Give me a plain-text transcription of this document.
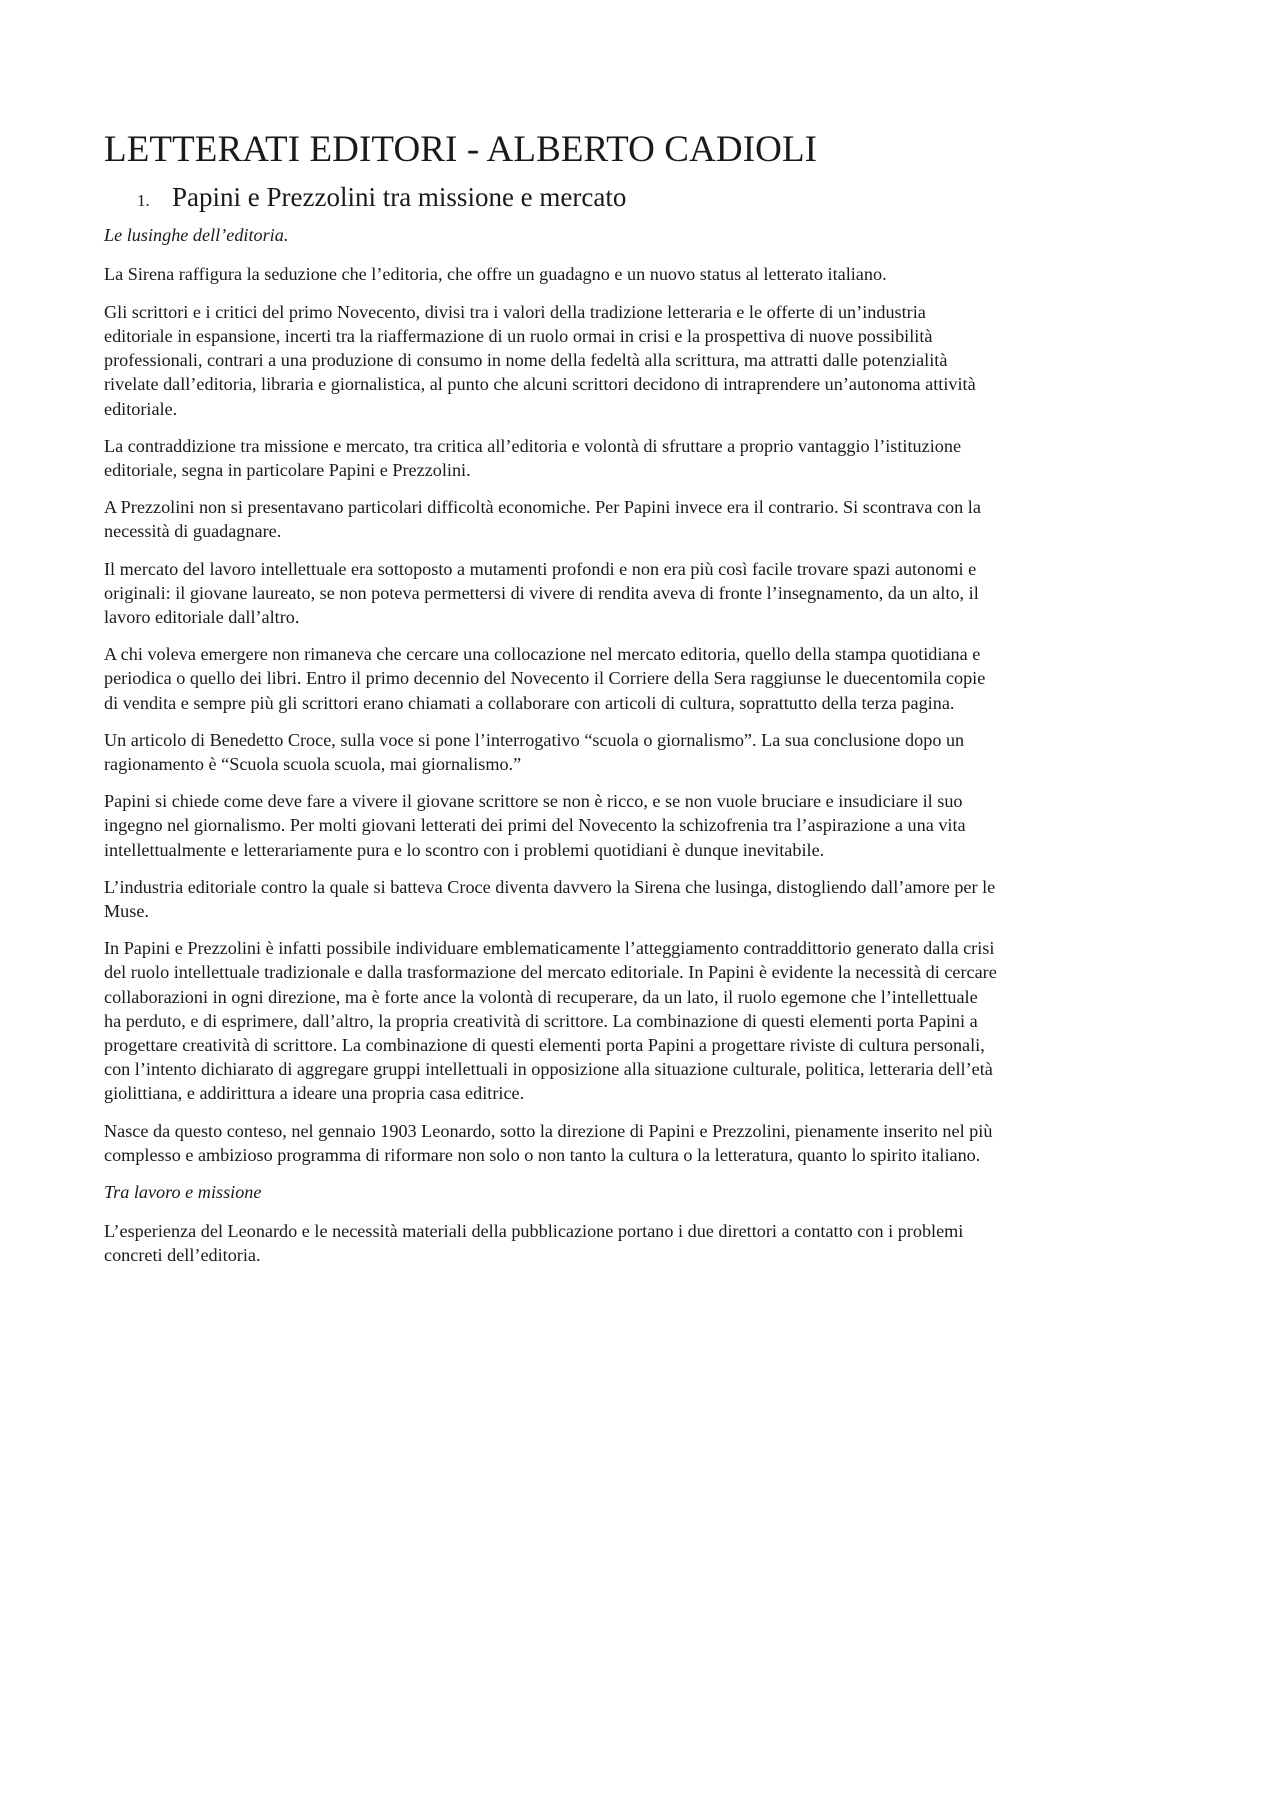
LETTERATI EDITORI - ALBERTO CADIOLI
1. Papini e Prezzolini tra missione e mercato

Le lusinghe dell’editoria.

La Sirena raffigura la seduzione che l’editoria, che offre un guadagno e un nuovo status al letterato italiano.

Gli scrittori e i critici del primo Novecento, divisi tra i valori della tradizione letteraria e le offerte di un’industria editoriale in espansione, incerti tra la riaffermazione di un ruolo ormai in crisi e la prospettiva di nuove possibilità professionali, contrari a una produzione di consumo in nome della fedeltà alla scrittura, ma attratti dalle potenzialità rivelate dall’editoria, libraria e giornalistica, al punto che alcuni scrittori decidono di intraprendere un’autonoma attività editoriale.

La contraddizione tra missione e mercato, tra critica all’editoria e volontà di sfruttare a proprio vantaggio l’istituzione editoriale, segna in particolare Papini e Prezzolini.

A Prezzolini non si presentavano particolari difficoltà economiche. Per Papini invece era il contrario. Si scontrava con la necessità di guadagnare.

Il mercato del lavoro intellettuale era sottoposto a mutamenti profondi e non era più così facile trovare spazi autonomi e originali: il giovane laureato, se non poteva permettersi di vivere di rendita aveva di fronte l’insegnamento, da un alto, il lavoro editoriale dall’altro.

A chi voleva emergere non rimaneva che cercare una collocazione nel mercato editoria, quello della stampa quotidiana e periodica o quello dei libri. Entro il primo decennio del Novecento il Corriere della Sera raggiunse le duecentomila copie di vendita e sempre più gli scrittori erano chiamati a collaborare con articoli di cultura, soprattutto della terza pagina.

Un articolo di Benedetto Croce, sulla voce si pone l’interrogativo “scuola o giornalismo”. La sua conclusione dopo un ragionamento è “Scuola scuola scuola, mai giornalismo.”

Papini si chiede come deve fare a vivere il giovane scrittore se non è ricco, e se non vuole bruciare e insudiciare il suo ingegno nel giornalismo. Per molti giovani letterati dei primi del Novecento la schizofrenia tra l’aspirazione a una vita intellettualmente e letterariamente pura e lo scontro con i problemi quotidiani è dunque inevitabile.

L’industria editoriale contro la quale si batteva Croce diventa davvero la Sirena che lusinga, distogliendo dall’amore per le Muse.

In Papini e Prezzolini è infatti possibile individuare emblematicamente l’atteggiamento contraddittorio generato dalla crisi del ruolo intellettuale tradizionale e dalla trasformazione del mercato editoriale. In Papini è evidente la necessità di cercare collaborazioni in ogni direzione, ma è forte ance la volontà di recuperare, da un lato, il ruolo egemone che l’intellettuale ha perduto, e di esprimere, dall’altro, la propria creatività di scrittore. La combinazione di questi elementi porta Papini a progettare creatività di scrittore. La combinazione di questi elementi porta Papini a progettare riviste di cultura personali, con l’intento dichiarato di aggregare gruppi intellettuali in opposizione alla situazione culturale, politica, letteraria dell’età giolittiana, e addirittura a ideare una propria casa editrice.

Nasce da questo conteso, nel gennaio 1903 Leonardo, sotto la direzione di Papini e Prezzolini, pienamente inserito nel più complesso e ambizioso programma di riformare non solo o non tanto la cultura o la letteratura, quanto lo spirito italiano.

Tra lavoro e missione

L’esperienza del Leonardo e le necessità materiali della pubblicazione portano i due direttori a contatto con i problemi concreti dell’editoria.
